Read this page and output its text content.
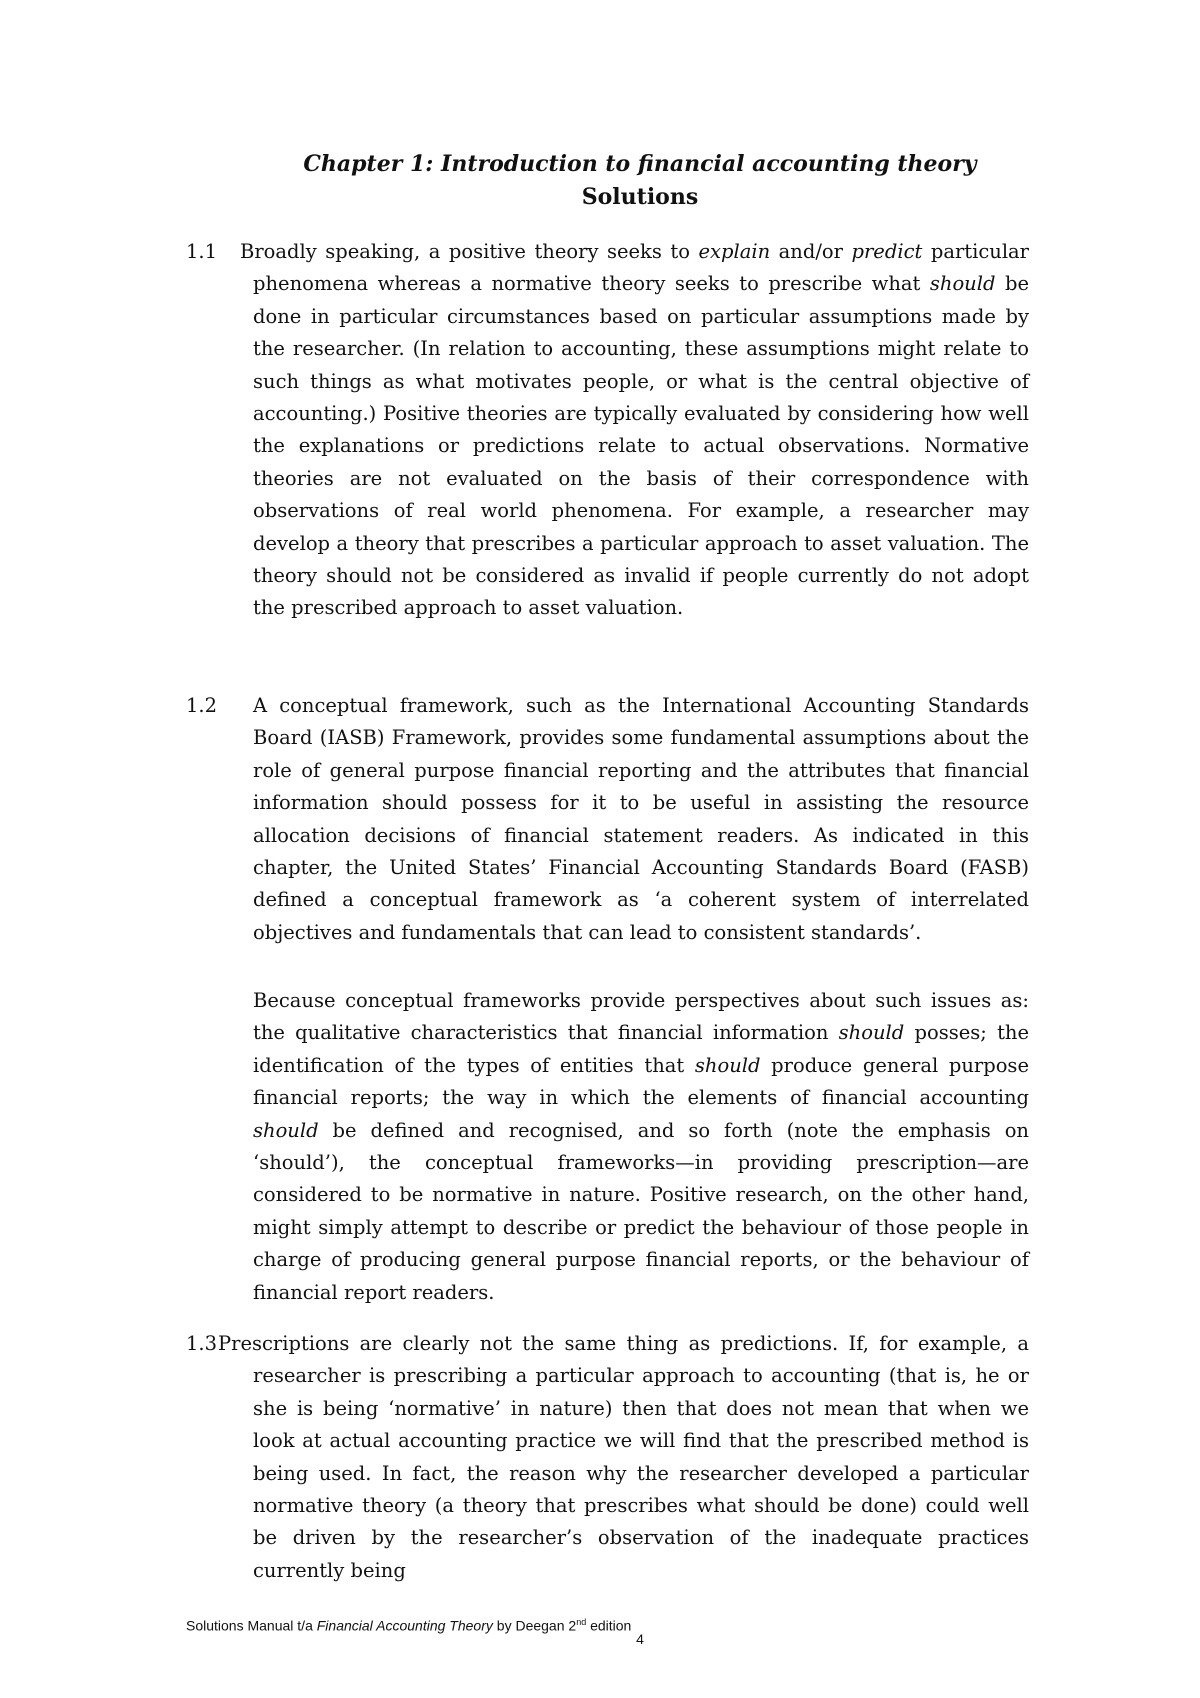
Chapter 1: Introduction to financial accounting theory
Solutions
1.1 Broadly speaking, a positive theory seeks to explain and/or predict particular phenomena whereas a normative theory seeks to prescribe what should be done in particular circumstances based on particular assumptions made by the researcher. (In relation to accounting, these assumptions might relate to such things as what motivates people, or what is the central objective of accounting.) Positive theories are typically evaluated by considering how well the explanations or predictions relate to actual observations. Normative theories are not evaluated on the basis of their correspondence with observations of real world phenomena. For example, a researcher may develop a theory that prescribes a particular approach to asset valuation. The theory should not be considered as invalid if people currently do not adopt the prescribed approach to asset valuation.
1.2 A conceptual framework, such as the International Accounting Standards Board (IASB) Framework, provides some fundamental assumptions about the role of general purpose financial reporting and the attributes that financial information should possess for it to be useful in assisting the resource allocation decisions of financial statement readers. As indicated in this chapter, the United States’ Financial Accounting Standards Board (FASB) defined a conceptual framework as ‘a coherent system of interrelated objectives and fundamentals that can lead to consistent standards’.
Because conceptual frameworks provide perspectives about such issues as: the qualitative characteristics that financial information should posses; the identification of the types of entities that should produce general purpose financial reports; the way in which the elements of financial accounting should be defined and recognised, and so forth (note the emphasis on ‘should’), the conceptual frameworks—in providing prescription—are considered to be normative in nature. Positive research, on the other hand, might simply attempt to describe or predict the behaviour of those people in charge of producing general purpose financial reports, or the behaviour of financial report readers.
1.3 Prescriptions are clearly not the same thing as predictions. If, for example, a researcher is prescribing a particular approach to accounting (that is, he or she is being ‘normative’ in nature) then that does not mean that when we look at actual accounting practice we will find that the prescribed method is being used. In fact, the reason why the researcher developed a particular normative theory (a theory that prescribes what should be done) could well be driven by the researcher’s observation of the inadequate practices currently being
Solutions Manual t/a Financial Accounting Theory by Deegan 2nd edition
4
